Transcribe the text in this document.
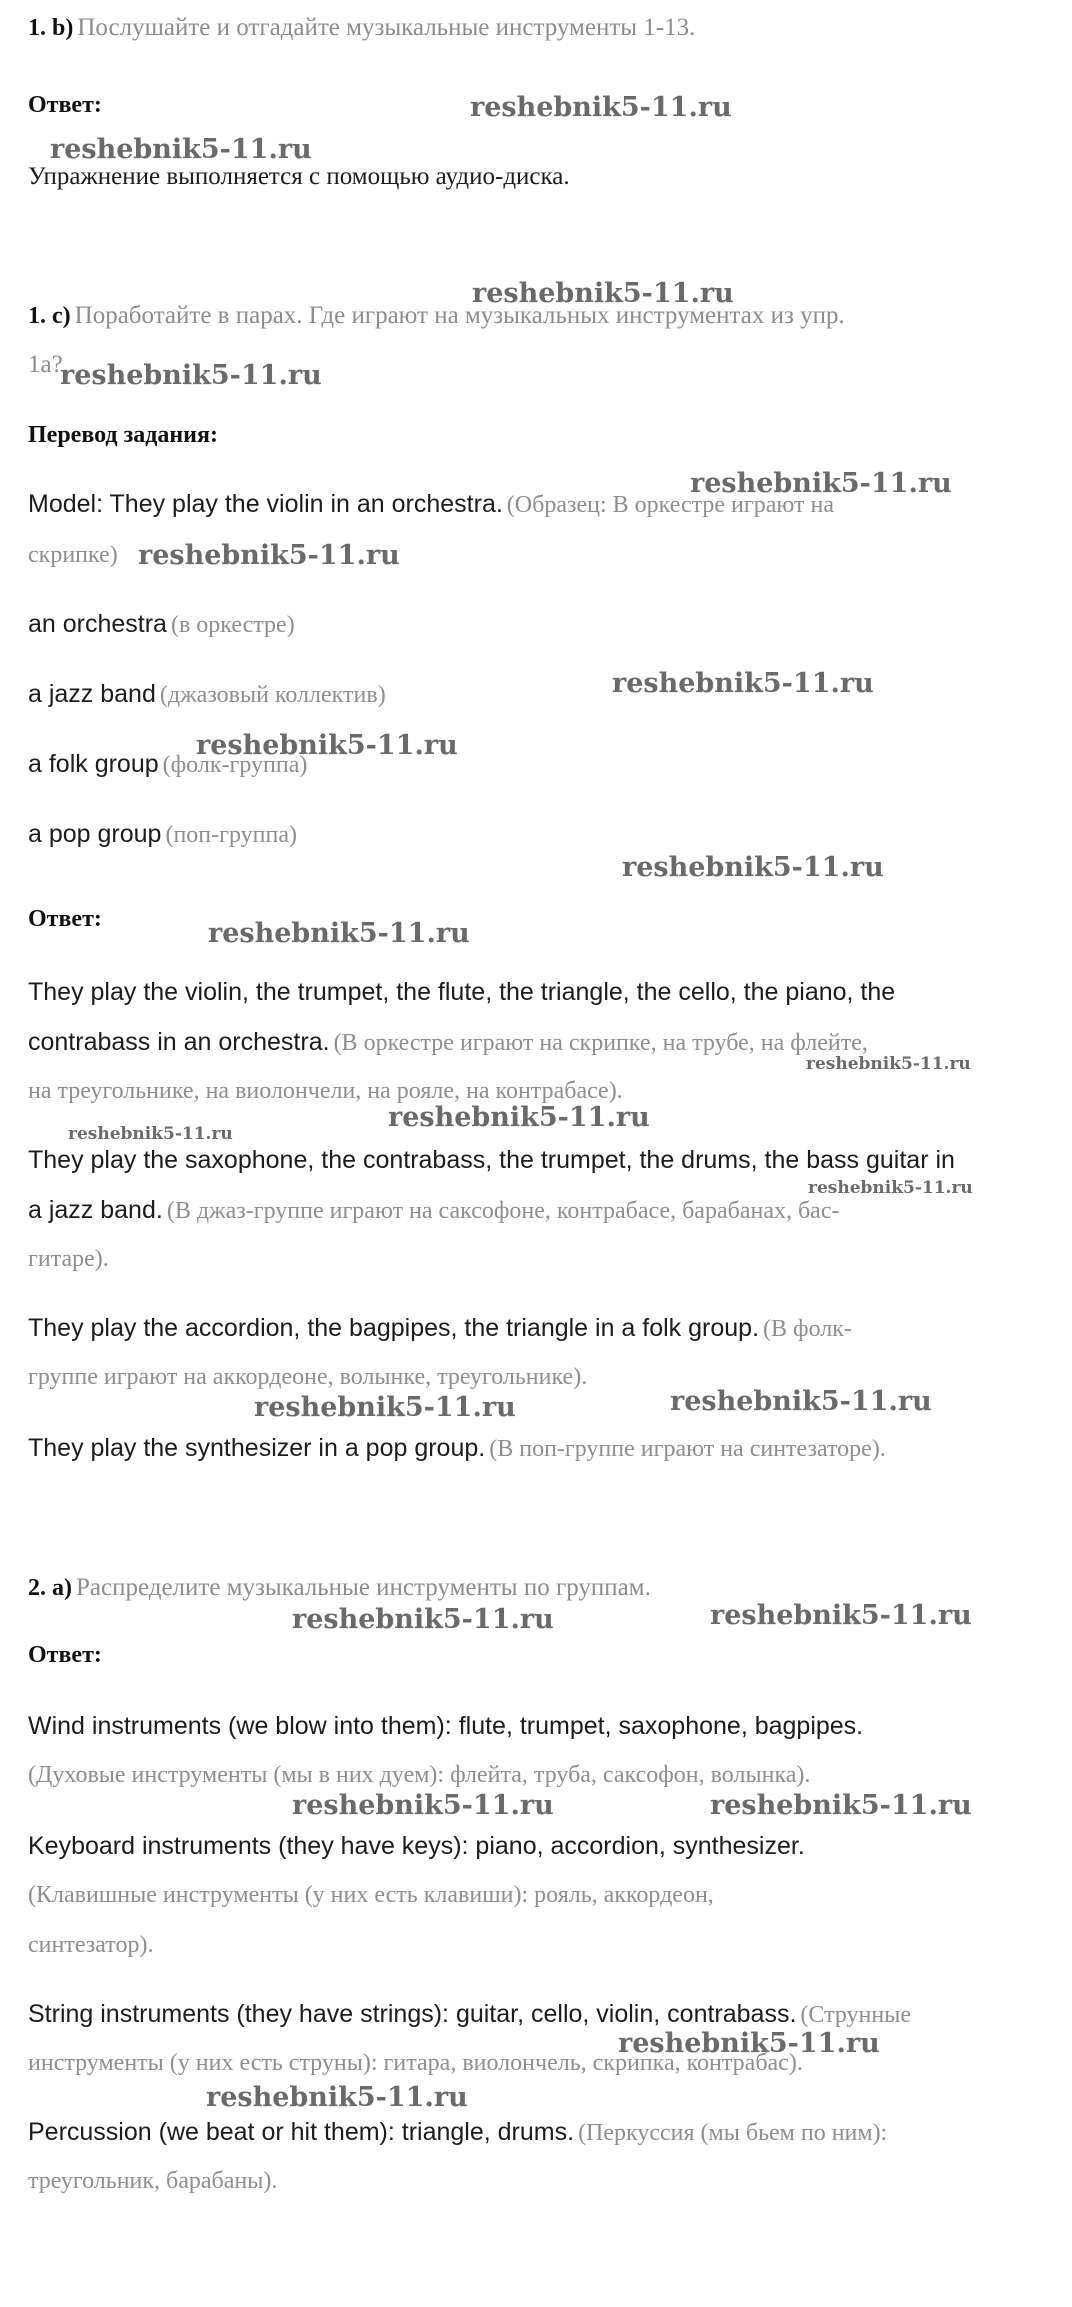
1. b) Послушайте и отгадайте музыкальные инструменты 1-13.
Ответ:
Упражнение выполняется с помощью аудио-диска.
1. c) Поработайте в парах. Где играют на музыкальных инструментах из упр.
1a?
Перевод задания:
Model: They play the violin in an orchestra. (Образец: В оркестре играют на
скрипке)
an orchestra (в оркестре)
a jazz band (джазовый коллектив)
a folk group (фолк-группа)
a pop group (поп-группа)
Ответ:
They play the violin, the trumpet, the flute, the triangle, the cello, the piano, the
contrabass in an orchestra. (В оркестре играют на скрипке, на трубе, на флейте,
на треугольнике, на виолончели, на рояле, на контрабасе).
They play the saxophone, the contrabass, the trumpet, the drums, the bass guitar in
a jazz band. (В джаз-группе играют на саксофоне, контрабасе, барабанах, бас-
гитаре).
They play the accordion, the bagpipes, the triangle in a folk group. (В фолк-
группе играют на аккордеоне, волынке, треугольнике).
They play the synthesizer in a pop group. (В поп-группе играют на синтезаторе).
2. a) Распределите музыкальные инструменты по группам.
Ответ:
Wind instruments (we blow into them): flute, trumpet, saxophone, bagpipes.
(Духовые инструменты (мы в них дуем): флейта, труба, саксофон, волынка).
Keyboard instruments (they have keys): piano, accordion, synthesizer.
(Клавишные инструменты (у них есть клавиши): рояль, аккордеон,
синтезатор).
String instruments (they have strings): guitar, cello, violin, contrabass. (Струнные
инструменты (у них есть струны): гитара, виолончель, скрипка, контрабас).
Percussion (we beat or hit them): triangle, drums. (Перкуссия (мы бьем по ним):
треугольник, барабаны).
reshebnik5-11.ru
reshebnik5-11.ru
reshebnik5-11.ru
reshebnik5-11.ru
reshebnik5-11.ru
reshebnik5-11.ru
reshebnik5-11.ru
reshebnik5-11.ru
reshebnik5-11.ru
reshebnik5-11.ru
reshebnik5-11.ru
reshebnik5-11.ru
reshebnik5-11.ru
reshebnik5-11.ru
reshebnik5-11.ru	reshebnik5-11.ru
reshebnik5-11.ru	reshebnik5-11.ru
reshebnik5-11.ru	reshebnik5-11.ru
reshebnik5-11.ru
reshebnik5-11.ru
